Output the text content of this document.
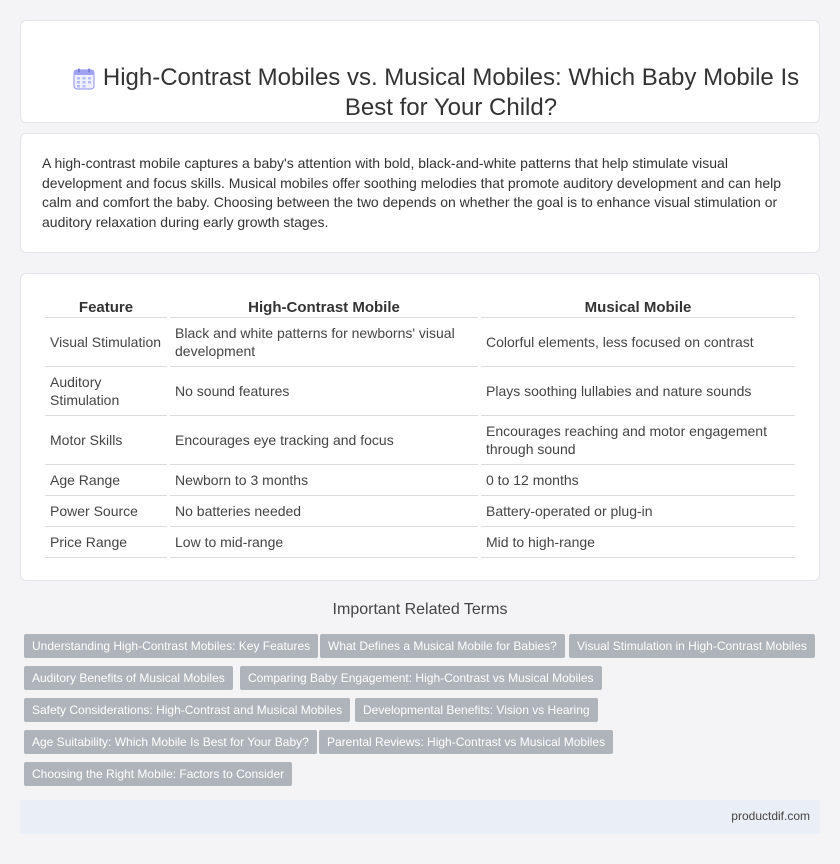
High-Contrast Mobiles vs. Musical Mobiles: Which Baby Mobile Is Best for Your Child?

A high-contrast mobile captures a baby's attention with bold, black-and-white patterns that help stimulate visual development and focus skills. Musical mobiles offer soothing melodies that promote auditory development and can help calm and comfort the baby. Choosing between the two depends on whether the goal is to enhance visual stimulation or auditory relaxation during early growth stages.

Feature	High-Contrast Mobile	Musical Mobile
Visual Stimulation	Black and white patterns for newborns' visual development	Colorful elements, less focused on contrast
Auditory Stimulation	No sound features	Plays soothing lullabies and nature sounds
Motor Skills	Encourages eye tracking and focus	Encourages reaching and motor engagement through sound
Age Range	Newborn to 3 months	0 to 12 months
Power Source	No batteries needed	Battery-operated or plug-in
Price Range	Low to mid-range	Mid to high-range
Important Related Terms
Understanding High-Contrast Mobiles: Key Features	What Defines a Musical Mobile for Babies?	Visual Stimulation in High-Contrast Mobiles
Auditory Benefits of Musical Mobiles	Comparing Baby Engagement: High-Contrast vs Musical Mobiles
Safety Considerations: High-Contrast and Musical Mobiles	Developmental Benefits: Vision vs Hearing
Age Suitability: Which Mobile Is Best for Your Baby?	Parental Reviews: High-Contrast vs Musical Mobiles
Choosing the Right Mobile: Factors to Consider
productdif.com
